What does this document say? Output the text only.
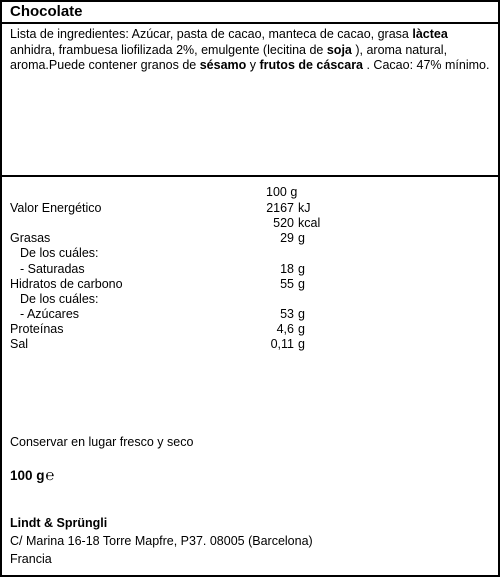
Chocolate
Lista de ingredientes: Azúcar, pasta de cacao, manteca de cacao, grasa làctea anhidra, frambuesa liofilizada 2%, emulgente (lecitina de soja ), aroma natural, aroma.Puede contener granos de sésamo y frutos de cáscara . Cacao: 47% mínimo.
100 g
Valor Energético	2167 kJ
520 kcal
Grasas	29 g
De los cuáles:
- Saturadas	18 g
Hidratos de carbono	55 g
De los cuáles:
- Azúcares	53 g
Proteínas	4,6 g
Sal	0,11 g
Conservar en lugar fresco y seco
100 g℮
Lindt & Sprüngli
C/ Marina 16-18 Torre Mapfre, P37. 08005 (Barcelona)
Francia
